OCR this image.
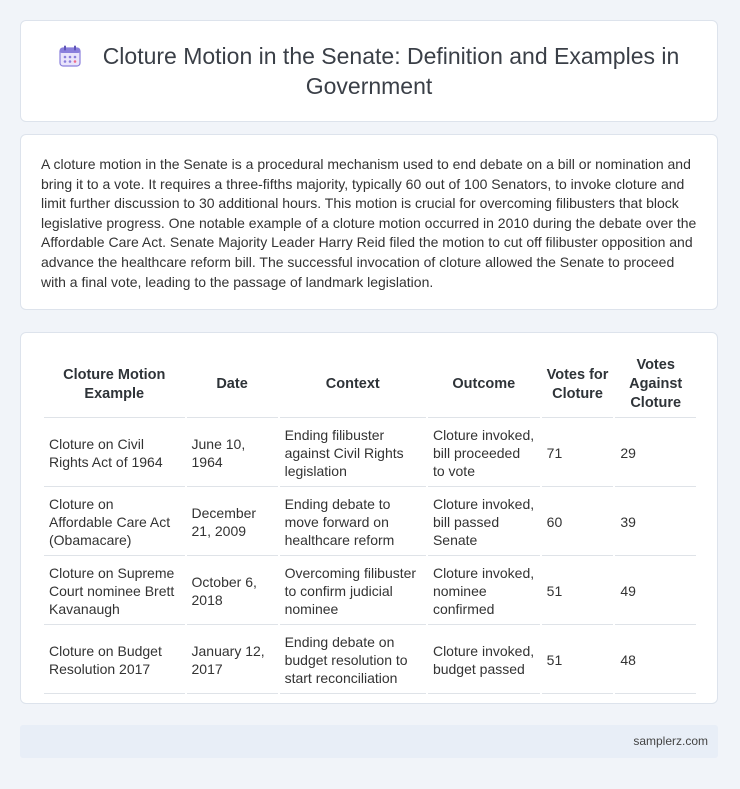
Cloture Motion in the Senate: Definition and Examples in Government

A cloture motion in the Senate is a procedural mechanism used to end debate on a bill or nomination and bring it to a vote. It requires a three-fifths majority, typically 60 out of 100 Senators, to invoke cloture and limit further discussion to 30 additional hours. This motion is crucial for overcoming filibusters that block legislative progress. One notable example of a cloture motion occurred in 2010 during the debate over the Affordable Care Act. Senate Majority Leader Harry Reid filed the motion to cut off filibuster opposition and advance the healthcare reform bill. The successful invocation of cloture allowed the Senate to proceed with a final vote, leading to the passage of landmark legislation.

Cloture Motion Example	Date	Context	Outcome	Votes for Cloture	Votes Against Cloture
Cloture on Civil Rights Act of 1964	June 10, 1964	Ending filibuster against Civil Rights legislation	Cloture invoked, bill proceeded to vote	71	29
Cloture on Affordable Care Act (Obamacare)	December 21, 2009	Ending debate to move forward on healthcare reform	Cloture invoked, bill passed Senate	60	39
Cloture on Supreme Court nominee Brett Kavanaugh	October 6, 2018	Overcoming filibuster to confirm judicial nominee	Cloture invoked, nominee confirmed	51	49
Cloture on Budget Resolution 2017	January 12, 2017	Ending debate on budget resolution to start reconciliation	Cloture invoked, budget passed	51	48
samplerz.com
